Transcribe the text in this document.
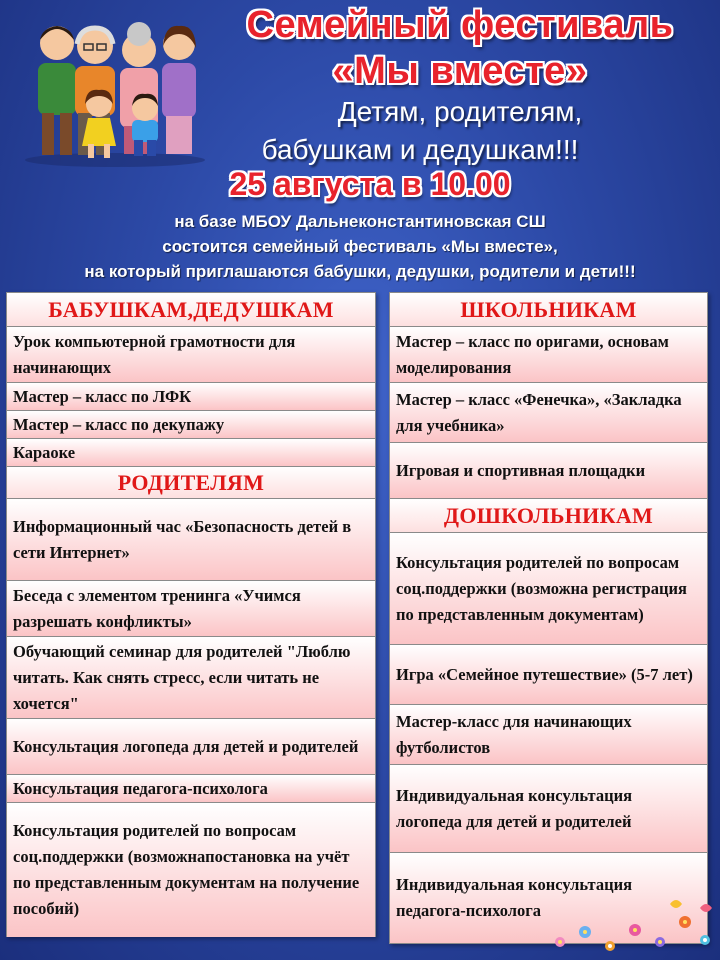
Семейный фестиваль
«Мы вместе»
Детям, родителям,
бабушкам и дедушкам!!!
25 августа в 10.00
на базе МБОУ Дальнеконстантиновская СШ
состоится семейный фестиваль «Мы вместе»,
на который приглашаются бабушки, дедушки, родители и дети!!!
БАБУШКАМ,ДЕДУШКАМ
Урок компьютерной грамотности для начинающих
Мастер – класс по ЛФК
Мастер – класс по декупажу
Караоке
РОДИТЕЛЯМ
Информационный час «Безопасность детей в сети Интернет»
Беседа с элементом тренинга «Учимся разрешать конфликты»
Обучающий семинар для родителей "Люблю читать. Как снять стресс, если читать не хочется"
Консультация логопеда для детей и родителей
Консультация педагога-психолога
Консультация родителей по вопросам соц.поддержки (возможнапостановка на учёт по представленным документам на получение пособий)
ШКОЛЬНИКАМ
Мастер – класс по оригами, основам моделирования
Мастер – класс «Фенечка», «Закладка для учебника»
Игровая и спортивная площадки
ДОШКОЛЬНИКАМ
Консультация родителей по вопросам соц.поддержки (возможна регистрация по представленным документам)
Игра «Семейное путешествие» (5-7 лет)
Мастер-класс для начинающих футболистов
Индивидуальная консультация логопеда для детей и родителей
Индивидуальная консультация педагога-психолога
